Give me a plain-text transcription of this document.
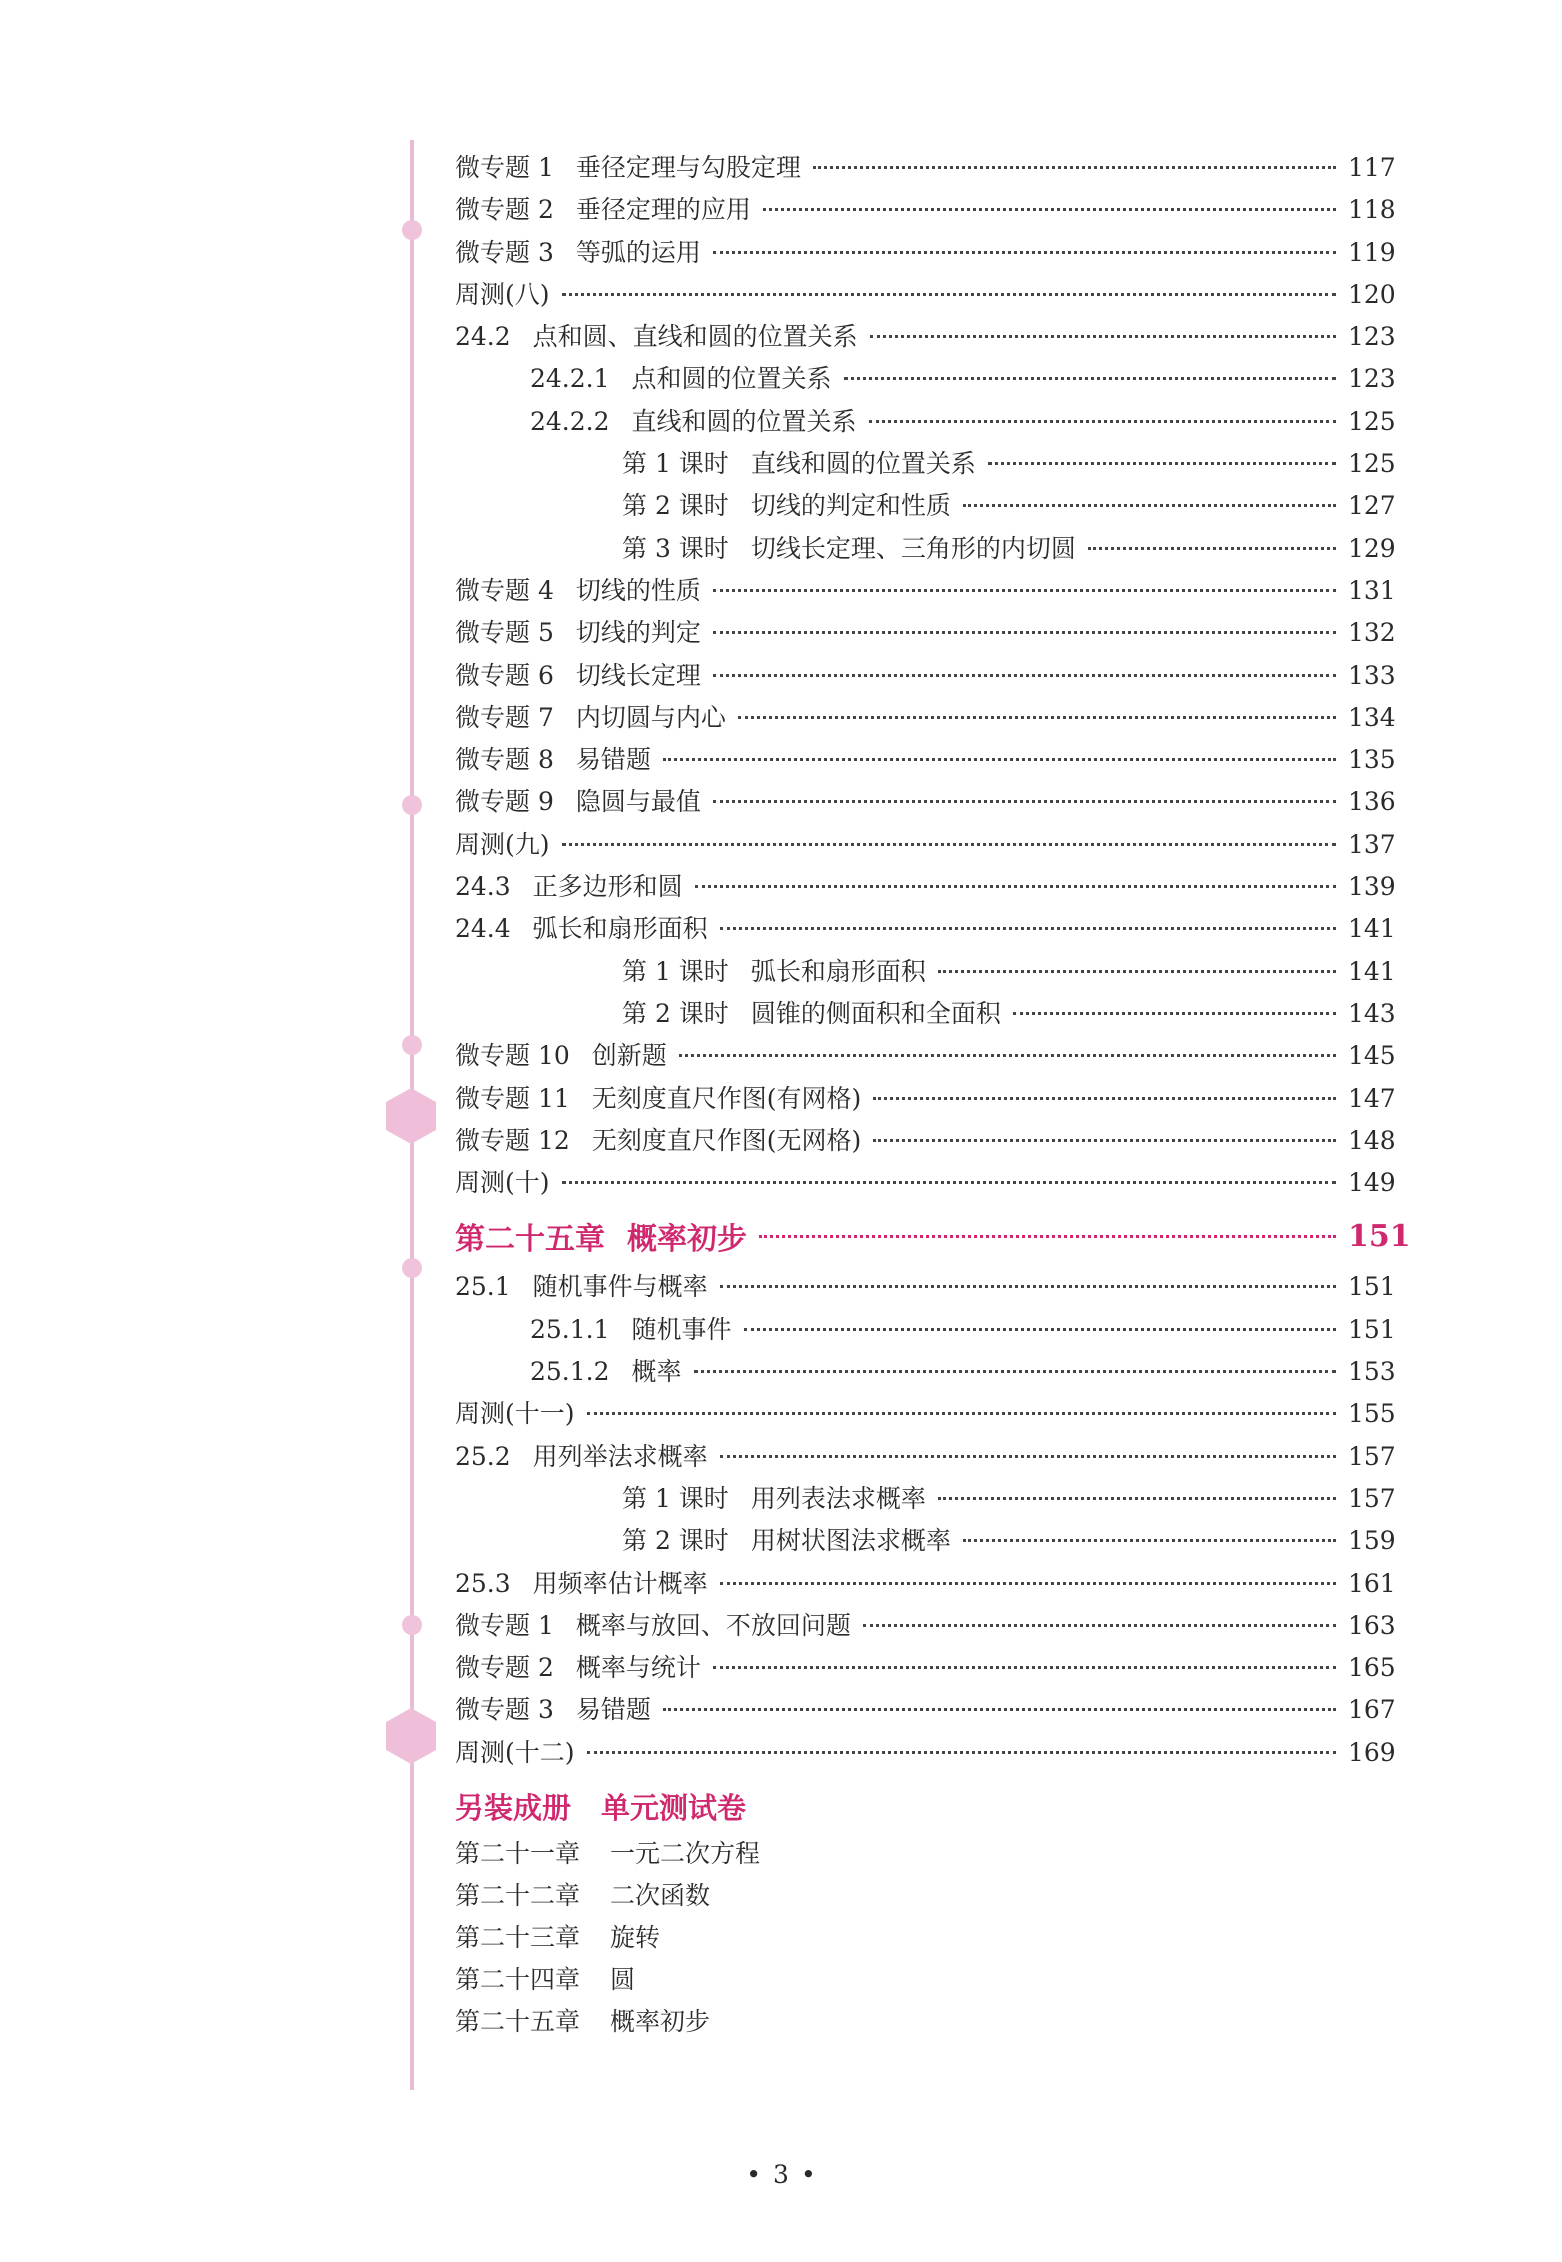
微专题 1 垂径定理与勾股定理	117
微专题 2 垂径定理的应用	118
微专题 3 等弧的运用	119
周测(八)	120
24.2 点和圆、直线和圆的位置关系	123
24.2.1 点和圆的位置关系	123
24.2.2 直线和圆的位置关系	125
第 1 课时 直线和圆的位置关系	125
第 2 课时 切线的判定和性质	127
第 3 课时 切线长定理、三角形的内切圆	129
微专题 4 切线的性质	131
微专题 5 切线的判定	132
微专题 6 切线长定理	133
微专题 7 内切圆与内心	134
微专题 8 易错题	135
微专题 9 隐圆与最值	136
周测(九)	137
24.3 正多边形和圆	139
24.4 弧长和扇形面积	141
第 1 课时 弧长和扇形面积	141
第 2 课时 圆锥的侧面积和全面积	143
微专题 10 创新题	145
微专题 11 无刻度直尺作图(有网格)	147
微专题 12 无刻度直尺作图(无网格)	148
周测(十)	149
第二十五章 概率初步	151
25.1 随机事件与概率	151
25.1.1 随机事件	151
25.1.2 概率	153
周测(十一)	155
25.2 用列举法求概率	157
第 1 课时 用列表法求概率	157
第 2 课时 用树状图法求概率	159
25.3 用频率估计概率	161
微专题 1 概率与放回、不放回问题	163
微专题 2 概率与统计	165
微专题 3 易错题	167
周测(十二)	169
另装成册 单元测试卷
第二十一章 一元二次方程
第二十二章 二次函数
第二十三章 旋转
第二十四章 圆
第二十五章 概率初步
• 3 •
